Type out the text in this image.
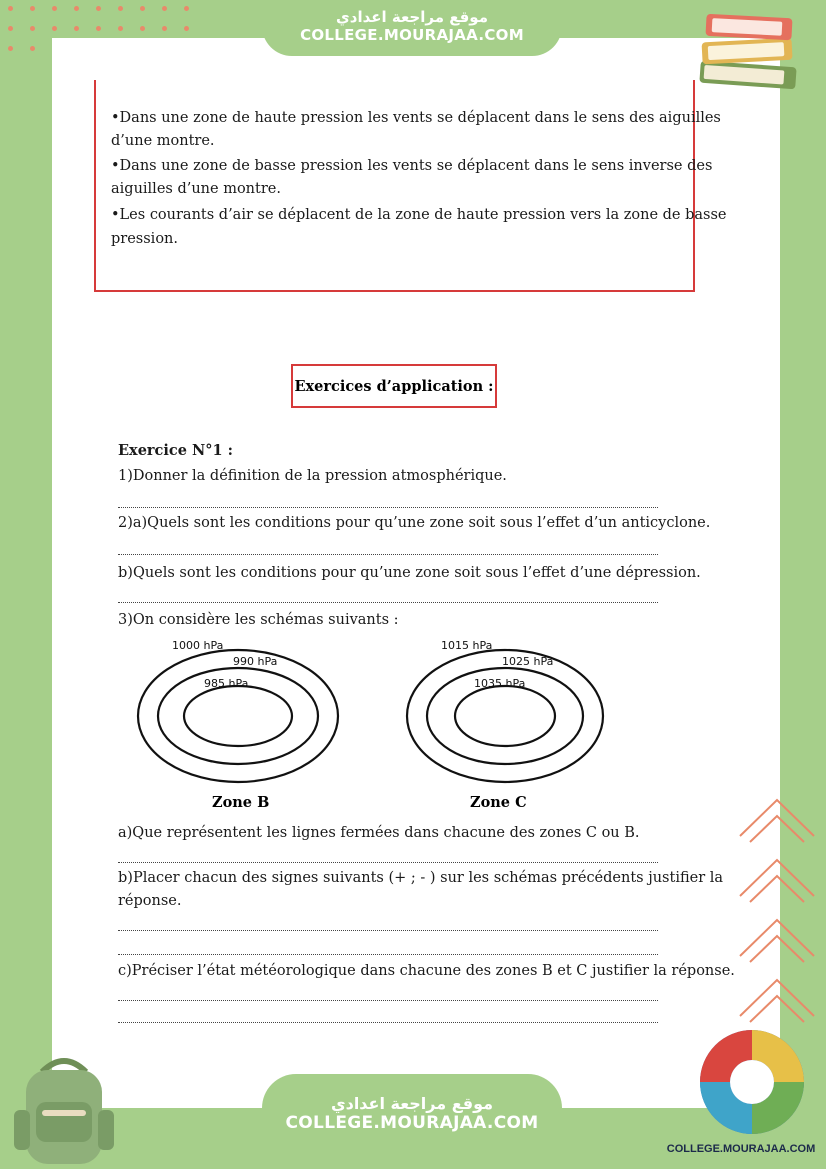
موقع مراجعة اعدادي
COLLEGE.MOURAJAA.COM
•Dans une zone de haute pression les vents se déplacent dans le sens des aiguilles
d’une montre.
•Dans une zone de basse pression les vents se déplacent dans le sens inverse des
aiguilles d’une montre.
•Les courants d’air se déplacent de la zone de haute pression vers la zone de basse
pression.
Exercices d’application :
Exercice N°1 :
1)Donner la définition de la pression atmosphérique.
2)a)Quels sont les conditions pour qu’une zone soit sous l’effet d’un anticyclone.
b)Quels sont les conditions pour qu’une zone soit sous l’effet d’une dépression.
3)On considère les schémas suivants :
1000 hPa
990 hPa
985 hPa
1015 hPa
1025 hPa
1035 hPa
Zone B	Zone C
a)Que représentent les lignes fermées dans chacune des zones C ou B.
b)Placer chacun des signes suivants (+ ; - ) sur les schémas précédents justifier la
réponse.
c)Préciser l’état météorologique dans chacune des zones B et C justifier la réponse.
موقع مراجعة اعدادي
COLLEGE.MOURAJAA.COM
COLLEGE.MOURAJAA.COM
